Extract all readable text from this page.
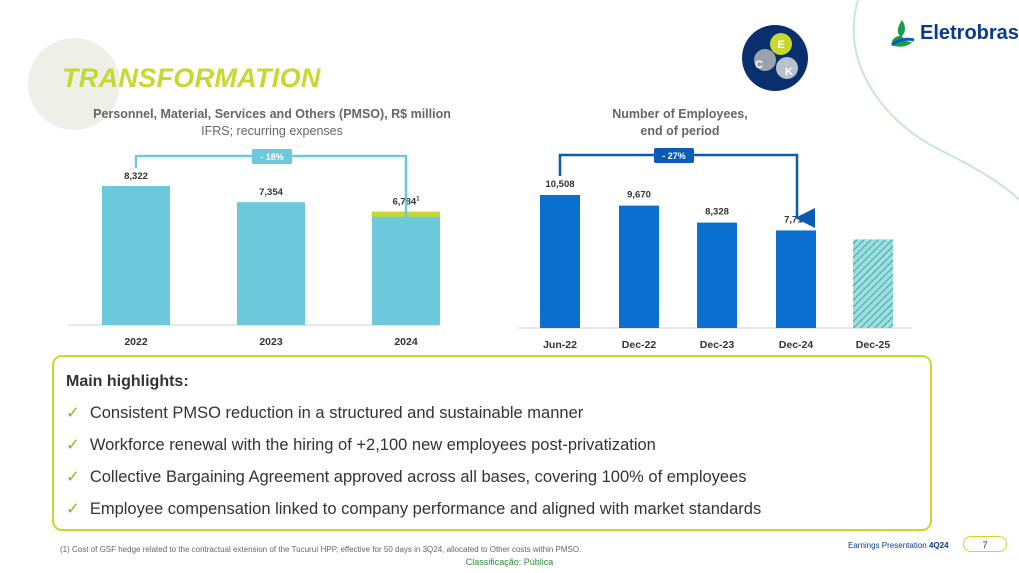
TRANSFORMATION
E
C
K
Eletrobras
Personnel, Material, Services and Others (PMSO), R$ million
IFRS; recurring expenses
Number of Employees,
end of period
8,322
2022
7,354
2023
6,784$^1$
2024
10,508
Jun-22
9,670
Dec-22
8,328
Dec-23
7,710
Dec-24	Dec-25
- 18%	- 27%
Main highlights:
✓ Consistent PMSO reduction in a structured and sustainable manner
✓ Workforce renewal with the hiring of +2,100 new employees post-privatization
✓ Collective Bargaining Agreement approved across all bases, covering 100% of employees
✓ Employee compensation linked to company performance and aligned with market standards
(1) Cost of GSF hedge related to the contractual extension of the Tucuruí HPP, effective for 50 days in 3Q24, allocated to Other costs within PMSO.
Classificação: Pública
Earnings Presentation 4Q24	7
